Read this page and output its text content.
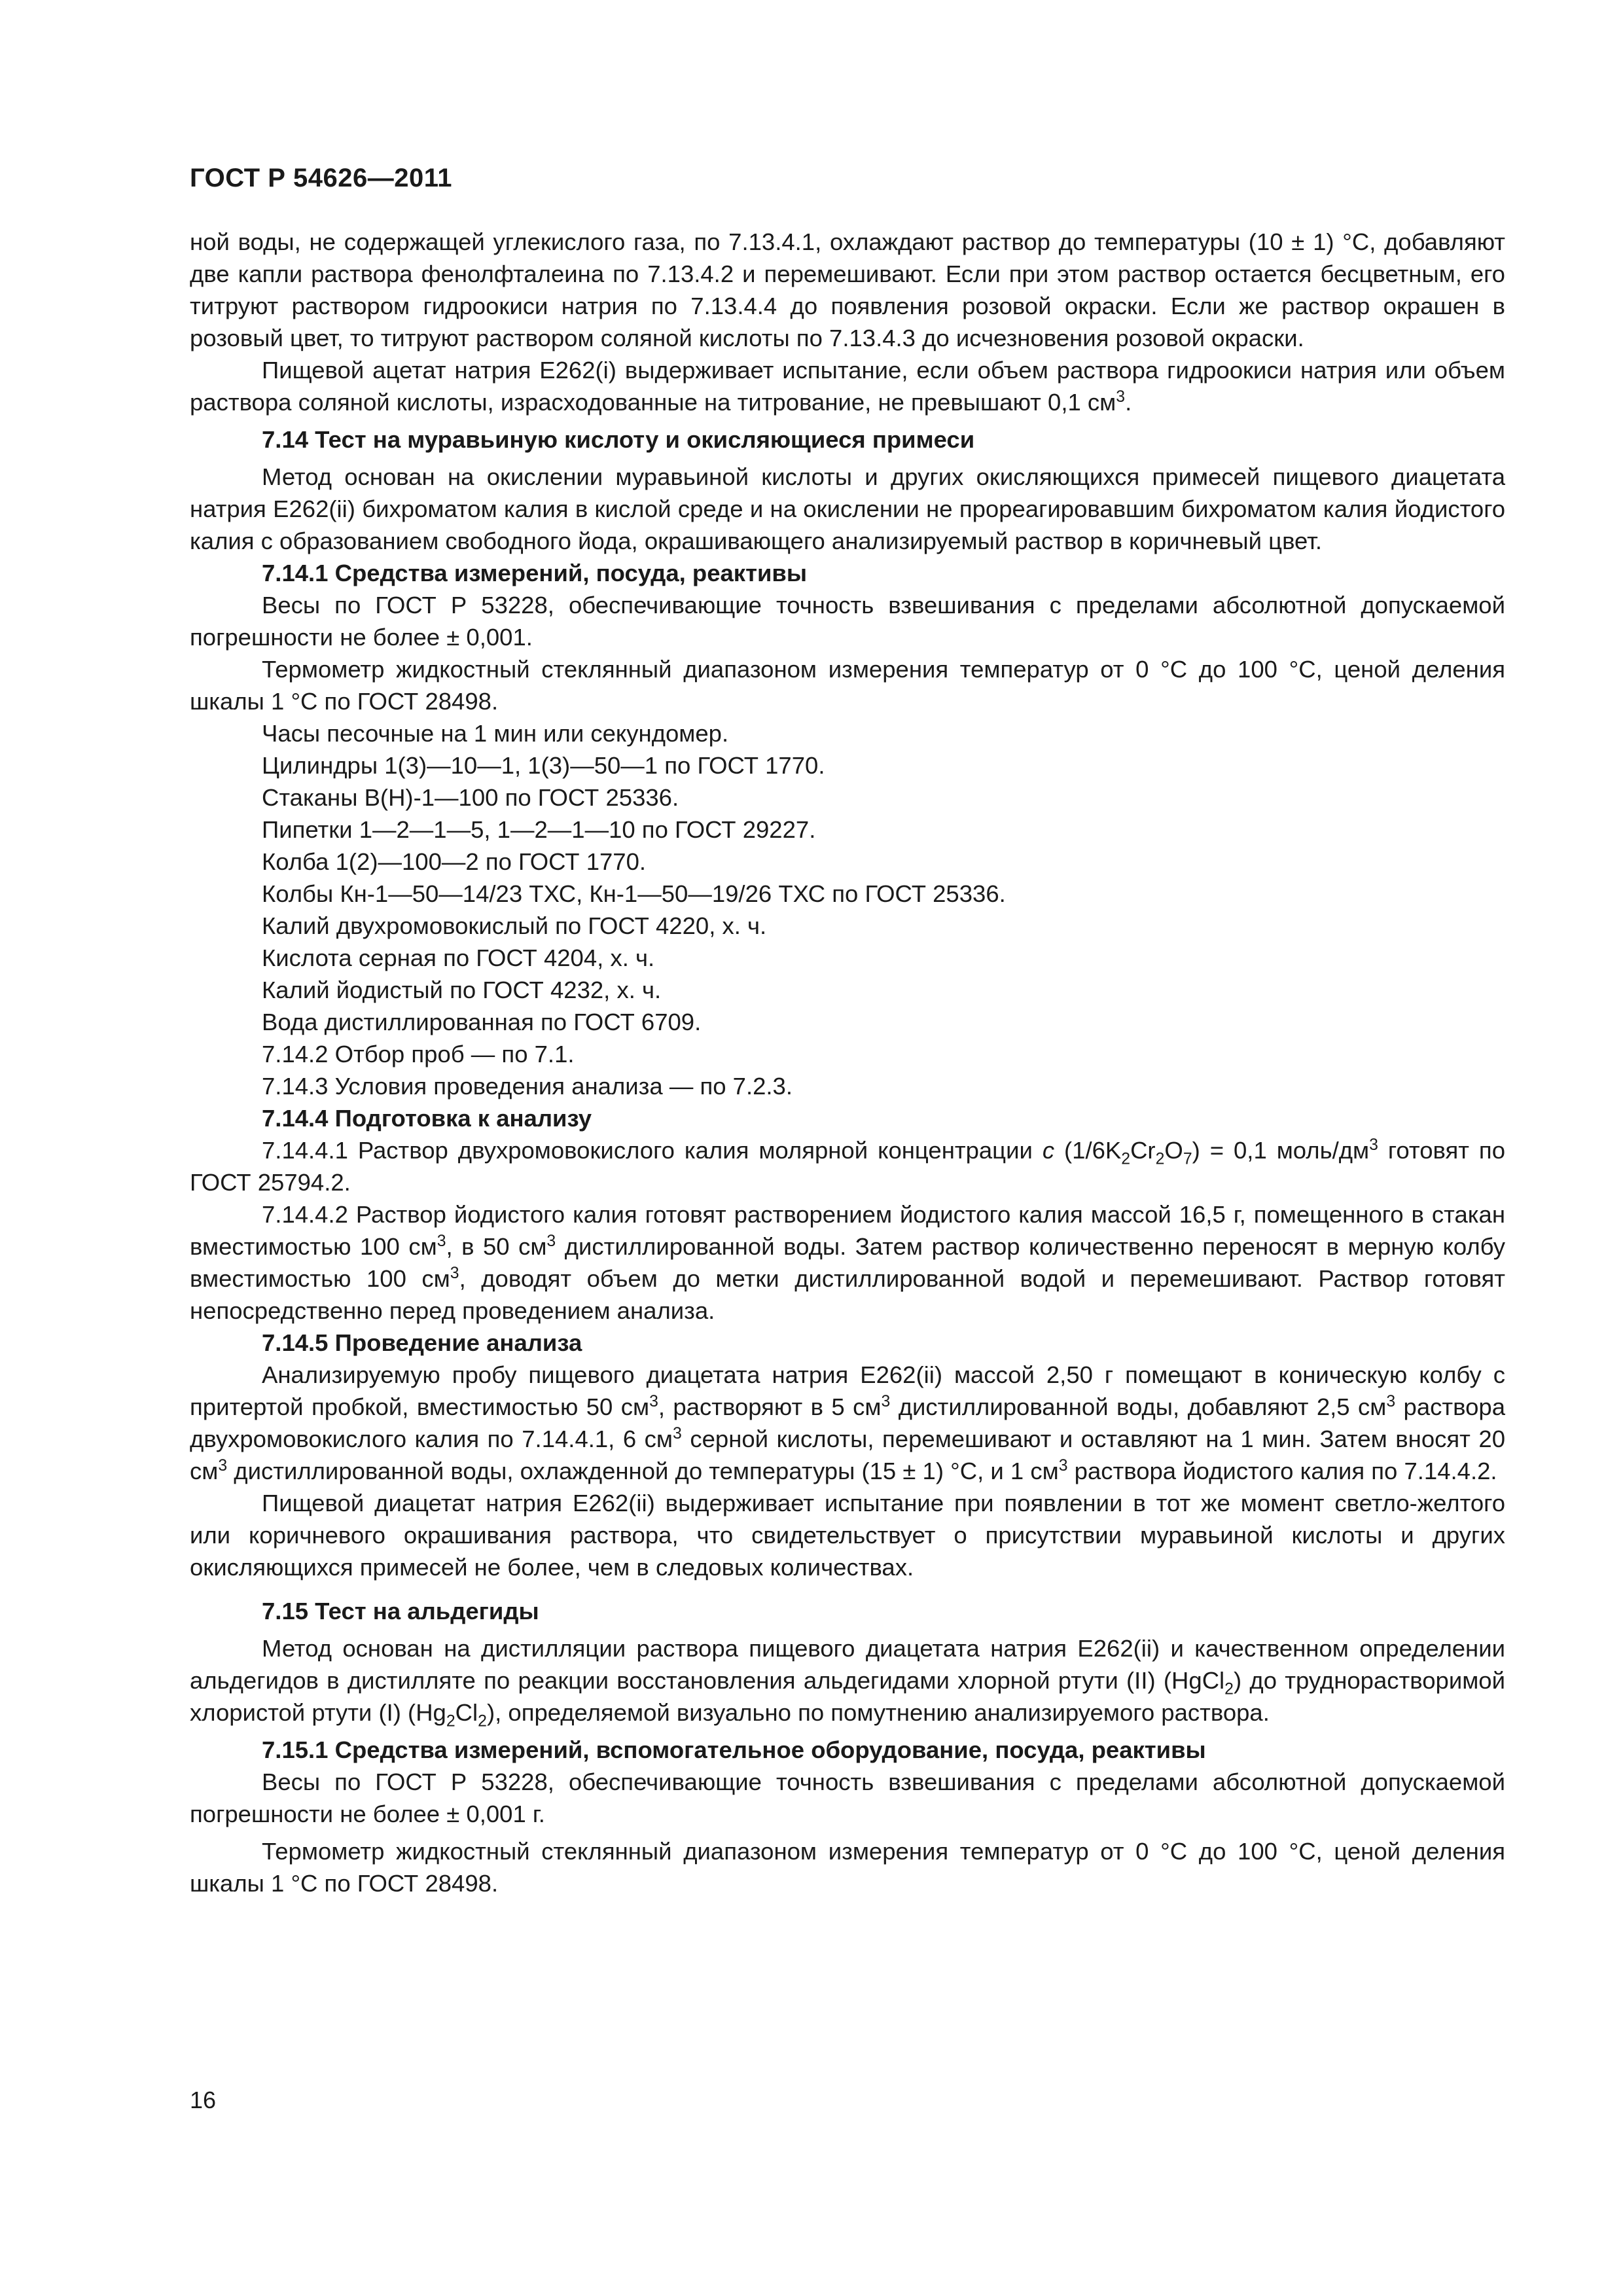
ГОСТ Р 54626—2011

ной воды, не содержащей углекислого газа, по 7.13.4.1, охлаждают раствор до температуры (10 ± 1) °С, добавляют две капли раствора фенолфталеина по 7.13.4.2 и перемешивают. Если при этом раствор остается бесцветным, его титруют раствором гидроокиси натрия по 7.13.4.4 до появления розовой окраски. Если же раствор окрашен в розовый цвет, то титруют раствором соляной кислоты по 7.13.4.3 до исчезновения розовой окраски.

Пищевой ацетат натрия Е262(i) выдерживает испытание, если объем раствора гидроокиси натрия или объем раствора соляной кислоты, израсходованные на титрование, не превышают 0,1 $см^3$.

7.14 Тест на муравьиную кислоту и окисляющиеся примеси

Метод основан на окислении муравьиной кислоты и других окисляющихся примесей пищевого диацетата натрия Е262(ii) бихроматом калия в кислой среде и на окислении не прореагировавшим бихроматом калия йодистого калия с образованием свободного йода, окрашивающего анализируемый раствор в коричневый цвет.

7.14.1 Средства измерений, посуда, реактивы

Весы по ГОСТ Р 53228, обеспечивающие точность взвешивания с пределами абсолютной допускаемой погрешности не более ± 0,001.

Термометр жидкостный стеклянный диапазоном измерения температур от 0 °С до 100 °С, ценой деления шкалы 1 °С по ГОСТ 28498.

Часы песочные на 1 мин или секундомер.

Цилиндры 1(3)—10—1, 1(3)—50—1 по ГОСТ 1770.

Стаканы В(Н)-1—100 по ГОСТ 25336.

Пипетки 1—2—1—5, 1—2—1—10 по ГОСТ 29227.

Колба 1(2)—100—2 по ГОСТ 1770.

Колбы Кн-1—50—14/23 ТХС, Кн-1—50—19/26 ТХС по ГОСТ 25336.

Калий двухромовокислый по ГОСТ 4220, х. ч.

Кислота серная по ГОСТ 4204, х. ч.

Калий йодистый по ГОСТ 4232, х. ч.

Вода дистиллированная по ГОСТ 6709.

7.14.2 Отбор проб — по 7.1.

7.14.3 Условия проведения анализа — по 7.2.3.

7.14.4 Подготовка к анализу

7.14.4.1 Раствор двухромовокислого калия молярной концентрации с $(1/6K_2Cr_2O_7) = 0,1$ моль/$дм^3$ готовят по ГОСТ 25794.2.

7.14.4.2 Раствор йодистого калия готовят растворением йодистого калия массой 16,5 г, помещенного в стакан вместимостью 100 $см^3$, в 50 $см^3$ дистиллированной воды. Затем раствор количественно переносят в мерную колбу вместимостью 100 $см^3$, доводят объем до метки дистиллированной водой и перемешивают. Раствор готовят непосредственно перед проведением анализа.

7.14.5 Проведение анализа

Анализируемую пробу пищевого диацетата натрия Е262(ii) массой 2,50 г помещают в коническую колбу с притертой пробкой, вместимостью 50 $см^3$, растворяют в 5 $см^3$ дистиллированной воды, добавляют 2,5 $см^3$ раствора двухромовокислого калия по 7.14.4.1, 6 $см^3$ серной кислоты, перемешивают и оставляют на 1 мин. Затем вносят 20 $см^3$ дистиллированной воды, охлажденной до температуры (15 ± 1) °С, и 1 $см^3$ раствора йодистого калия по 7.14.4.2.

Пищевой диацетат натрия Е262(ii) выдерживает испытание при появлении в тот же момент светло-желтого или коричневого окрашивания раствора, что свидетельствует о присутствии муравьиной кислоты и других окисляющихся примесей не более, чем в следовых количествах.

7.15 Тест на альдегиды

Метод основан на дистилляции раствора пищевого диацетата натрия Е262(ii) и качественном определении альдегидов в дистилляте по реакции восстановления альдегидами хлорной ртути (II) (HgCl$_2$) до труднорастворимой хлористой ртути (I) $(Hg_2Cl_2)$, определяемой визуально по помутнению анализируемого раствора.

7.15.1 Средства измерений, вспомогательное оборудование, посуда, реактивы

Весы по ГОСТ Р 53228, обеспечивающие точность взвешивания с пределами абсолютной допускаемой погрешности не более ± 0,001 г.

Термометр жидкостный стеклянный диапазоном измерения температур от 0 °С до 100 °С, ценой деления шкалы 1 °С по ГОСТ 28498.

16
